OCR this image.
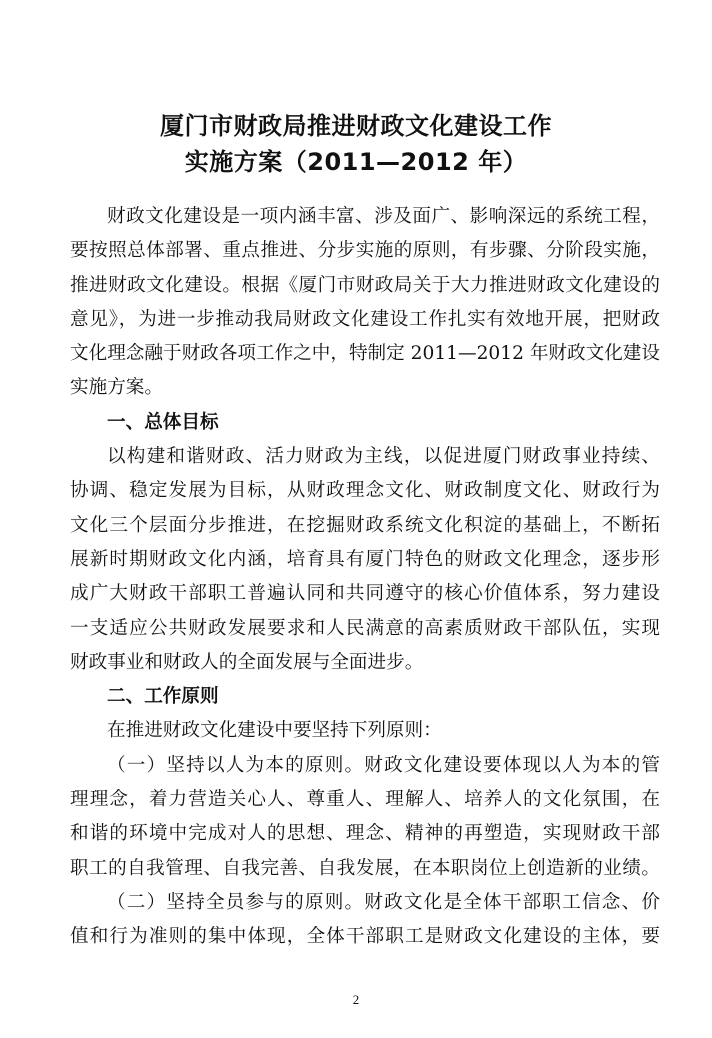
厦门市财政局推进财政文化建设工作
实施方案（2011—2012 年）
财政文化建设是一项内涵丰富、涉及面广、影响深远的系统工程，
要按照总体部署、重点推进、分步实施的原则，有步骤、分阶段实施，
推进财政文化建设。根据《厦门市财政局关于大力推进财政文化建设的
意见》，为进一步推动我局财政文化建设工作扎实有效地开展，把财政
文化理念融于财政各项工作之中，特制定 2011—2012 年财政文化建设
实施方案。
一、总体目标
以构建和谐财政、活力财政为主线，以促进厦门财政事业持续、
协调、稳定发展为目标，从财政理念文化、财政制度文化、财政行为
文化三个层面分步推进，在挖掘财政系统文化积淀的基础上，不断拓
展新时期财政文化内涵，培育具有厦门特色的财政文化理念，逐步形
成广大财政干部职工普遍认同和共同遵守的核心价值体系，努力建设
一支适应公共财政发展要求和人民满意的高素质财政干部队伍，实现
财政事业和财政人的全面发展与全面进步。
二、工作原则
在推进财政文化建设中要坚持下列原则：
（一）坚持以人为本的原则。财政文化建设要体现以人为本的管
理理念，着力营造关心人、尊重人、理解人、培养人的文化氛围，在
和谐的环境中完成对人的思想、理念、精神的再塑造，实现财政干部
职工的自我管理、自我完善、自我发展，在本职岗位上创造新的业绩。
（二）坚持全员参与的原则。财政文化是全体干部职工信念、价
值和行为准则的集中体现，全体干部职工是财政文化建设的主体，要
2
